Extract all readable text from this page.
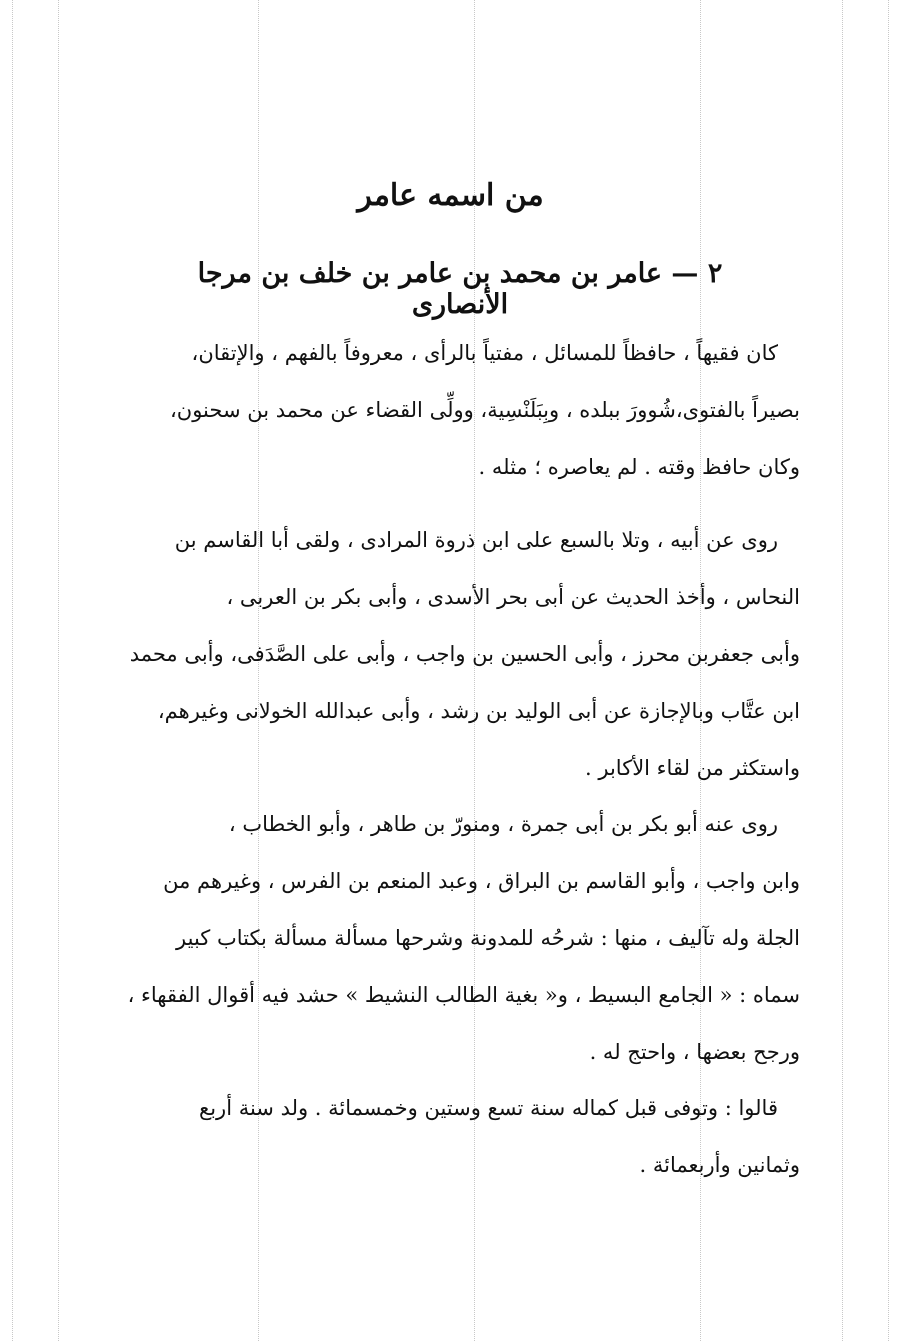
من اسمه عامر
٢ — عامر بن محمد بن عامر بن خلف بن مرجا الأنصارى
كان فقيهاً ، حافظاً للمسائل ، مفتياً بالرأى ، معروفاً بالفهم ، والإتقان،
بصيراً بالفتوى،شُوورَ ببلده ، وبِبَلَنْسِية، وولِّى القضاء عن محمد بن سحنون،
وكان حافظ وقته . لم يعاصره ؛ مثله .
روى عن أبيه ، وتلا بالسبع على ابن ذروة المرادى ، ولقى أبا القاسم بن
النحاس ، وأخذ الحديث عن أبى بحر الأسدى ، وأبى بكر بن العربى ،
وأبى جعفربن محرز ، وأبى الحسين بن واجب ، وأبى على الصَّدَفى، وأبى محمد
ابن عتَّاب وبالإجازة عن أبى الوليد بن رشد ، وأبى عبدالله الخولانى وغيرهم،
واستكثر من لقاء الأكابر .
روى عنه أبو بكر بن أبى جمرة ، ومنورّ بن طاهر ، وأبو الخطاب ،
وابن واجب ، وأبو القاسم بن البراق ، وعبد المنعم بن الفرس ، وغيرهم من
الجلة وله تآليف ، منها : شرحُه للمدونة وشرحها مسألة مسألة بكتاب كبير
سماه : « الجامع البسيط ، و« بغية الطالب النشيط » حشد فيه أقوال الفقهاء ،
ورجح بعضها ، واحتج له .
قالوا : وتوفى قبل كماله سنة تسع وستين وخمسمائة . ولد سنة أربع
وثمانين وأربعمائة .
